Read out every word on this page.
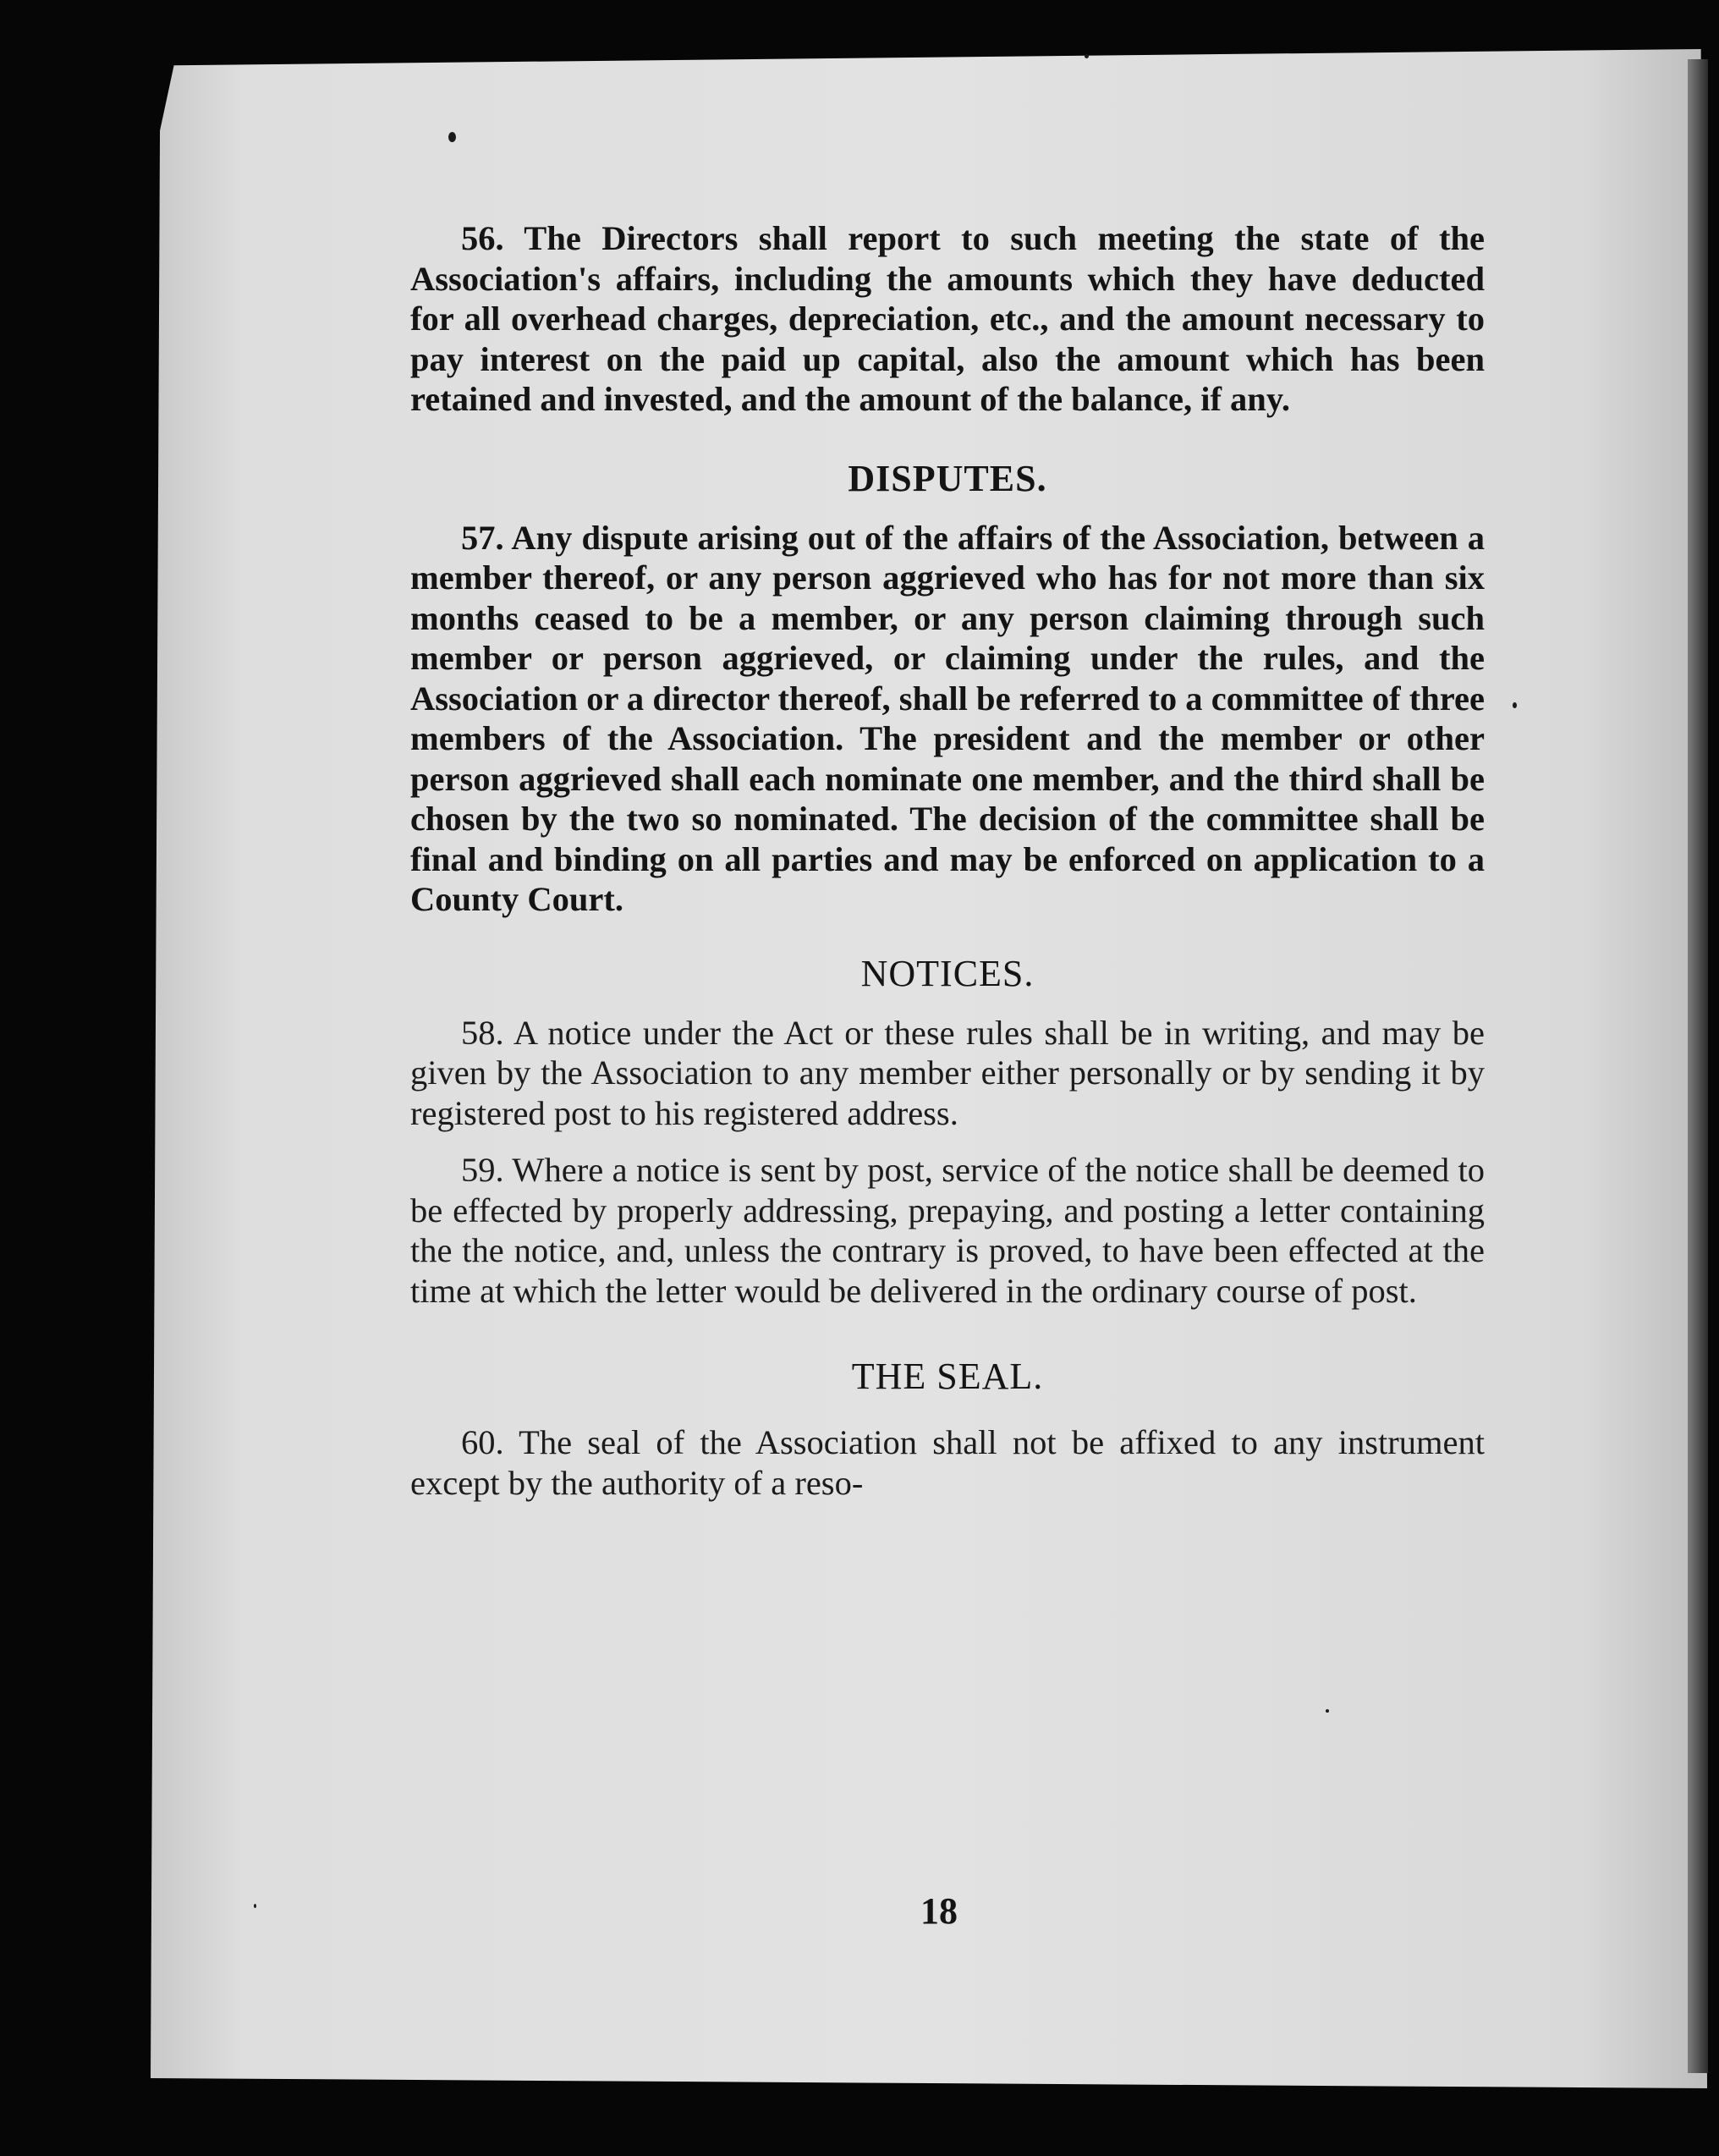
56. The Directors shall report to such meeting the state of the Association's affairs, including the amounts which they have deducted for all overhead charges, depreciation, etc., and the amount necessary to pay interest on the paid up capital, also the amount which has been retained and invested, and the amount of the balance, if any.

DISPUTES.

57. Any dispute arising out of the affairs of the Association, between a member thereof, or any person aggrieved who has for not more than six months ceased to be a member, or any person claiming through such member or person aggrieved, or claiming under the rules, and the Association or a director thereof, shall be referred to a committee of three members of the Association. The president and the member or other person aggrieved shall each nominate one member, and the third shall be chosen by the two so nominated. The decision of the committee shall be final and binding on all parties and may be enforced on application to a County Court.

NOTICES.

58. A notice under the Act or these rules shall be in writing, and may be given by the Association to any member either personally or by sending it by registered post to his registered address.

59. Where a notice is sent by post, service of the notice shall be deemed to be effected by properly addressing, prepaying, and posting a letter containing the the notice, and, unless the contrary is proved, to have been effected at the time at which the letter would be delivered in the ordinary course of post.

THE SEAL.

60. The seal of the Association shall not be affixed to any instrument except by the authority of a reso-

18
